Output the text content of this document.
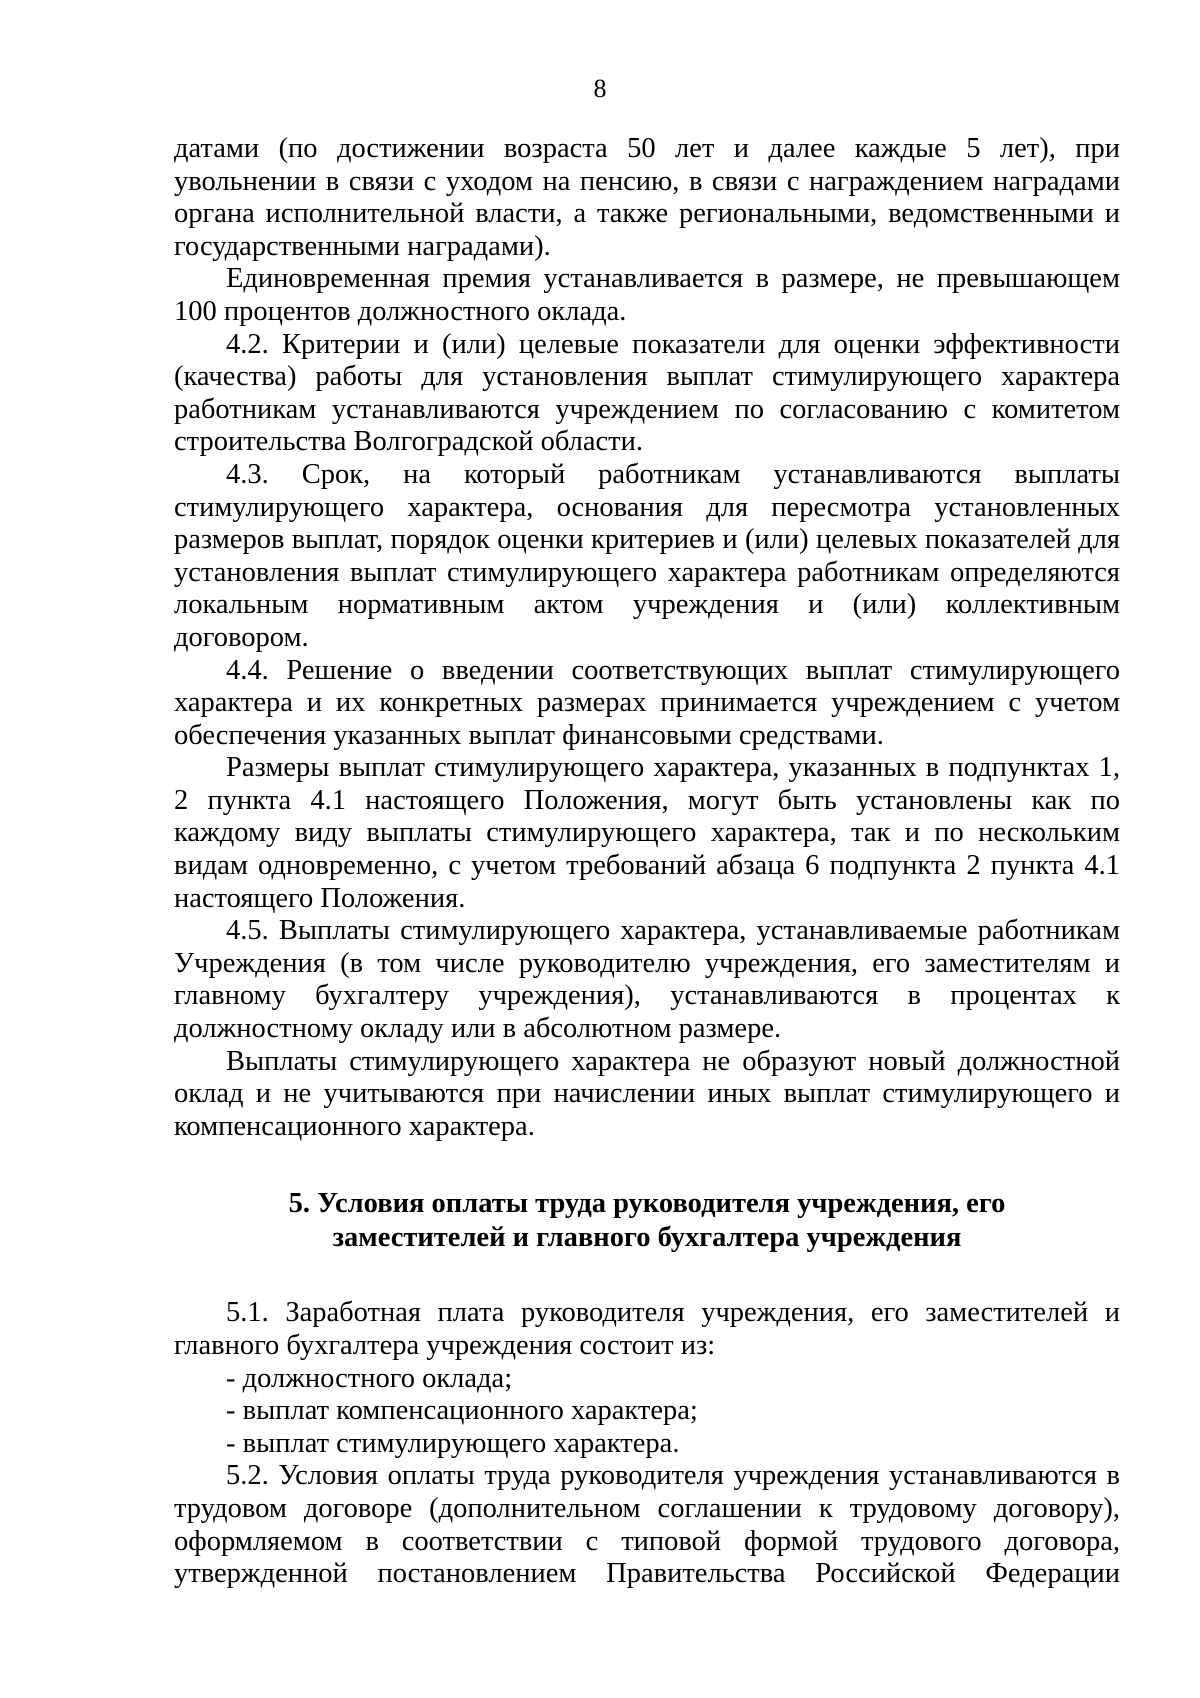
8

датами (по достижении возраста 50 лет и далее каждые 5 лет), при увольнении в связи с уходом на пенсию, в связи с награждением наградами органа исполнительной власти, а также региональными, ведомственными и государственными наградами).

Единовременная премия устанавливается в размере, не превышающем 100 процентов должностного оклада.

4.2. Критерии и (или) целевые показатели для оценки эффективности (качества) работы для установления выплат стимулирующего характера работникам устанавливаются учреждением по согласованию с комитетом строительства Волгоградской области.

4.3. Срок, на который работникам устанавливаются выплаты стимулирующего характера, основания для пересмотра установленных размеров выплат, порядок оценки критериев и (или) целевых показателей для установления выплат стимулирующего характера работникам определяются локальным нормативным актом учреждения и (или) коллективным договором.

4.4. Решение о введении соответствующих выплат стимулирующего характера и их конкретных размерах принимается учреждением с учетом обеспечения указанных выплат финансовыми средствами.

Размеры выплат стимулирующего характера, указанных в подпунктах 1, 2 пункта 4.1 настоящего Положения, могут быть установлены как по каждому виду выплаты стимулирующего характера, так и по нескольким видам одновременно, с учетом требований абзаца 6 подпункта 2 пункта 4.1 настоящего Положения.

4.5. Выплаты стимулирующего характера, устанавливаемые работникам Учреждения (в том числе руководителю учреждения, его заместителям и главному бухгалтеру учреждения), устанавливаются в процентах к должностному окладу или в абсолютном размере.

Выплаты стимулирующего характера не образуют новый должностной оклад и не учитываются при начислении иных выплат стимулирующего и компенсационного характера.

5. Условия оплаты труда руководителя учреждения, его
заместителей и главного бухгалтера учреждения

5.1. Заработная плата руководителя учреждения, его заместителей и главного бухгалтера учреждения состоит из:

- должностного оклада;

- выплат компенсационного характера;

- выплат стимулирующего характера.

5.2. Условия оплаты труда руководителя учреждения устанавливаются в трудовом договоре (дополнительном соглашении к трудовому договору), оформляемом в соответствии с типовой формой трудового договора, утвержденной постановлением Правительства Российской Федерации
